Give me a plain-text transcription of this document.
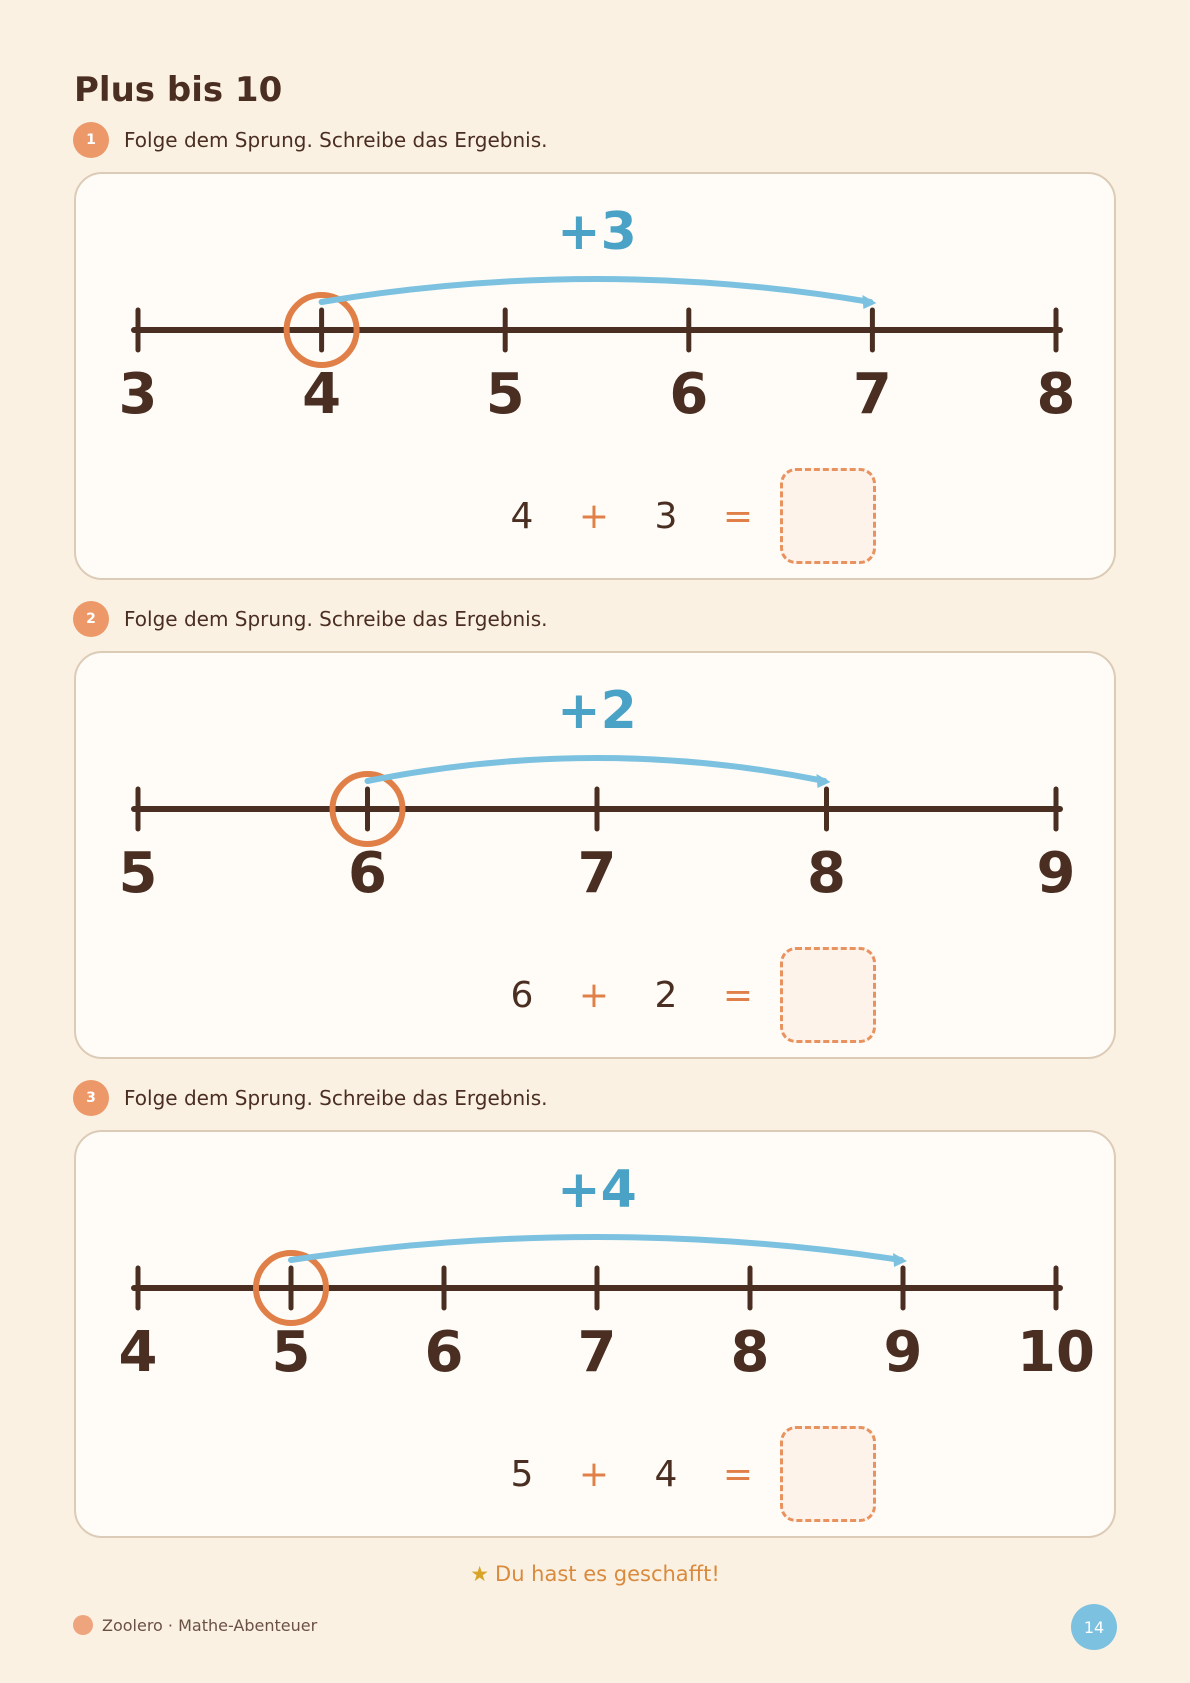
Plus bis 10
1	Folge dem Sprung. Schreibe das Ergebnis.
3	4	5	6	7	8
+3
4	+	3	=
2	Folge dem Sprung. Schreibe das Ergebnis.
5	6	7	8	9
+2
6	+	2	=
3	Folge dem Sprung. Schreibe das Ergebnis.
4 5 6 7 8 9 10
+4
5	+	4	=
★ Du hast es geschafft!
Zoolero · Mathe-Abenteuer	14
